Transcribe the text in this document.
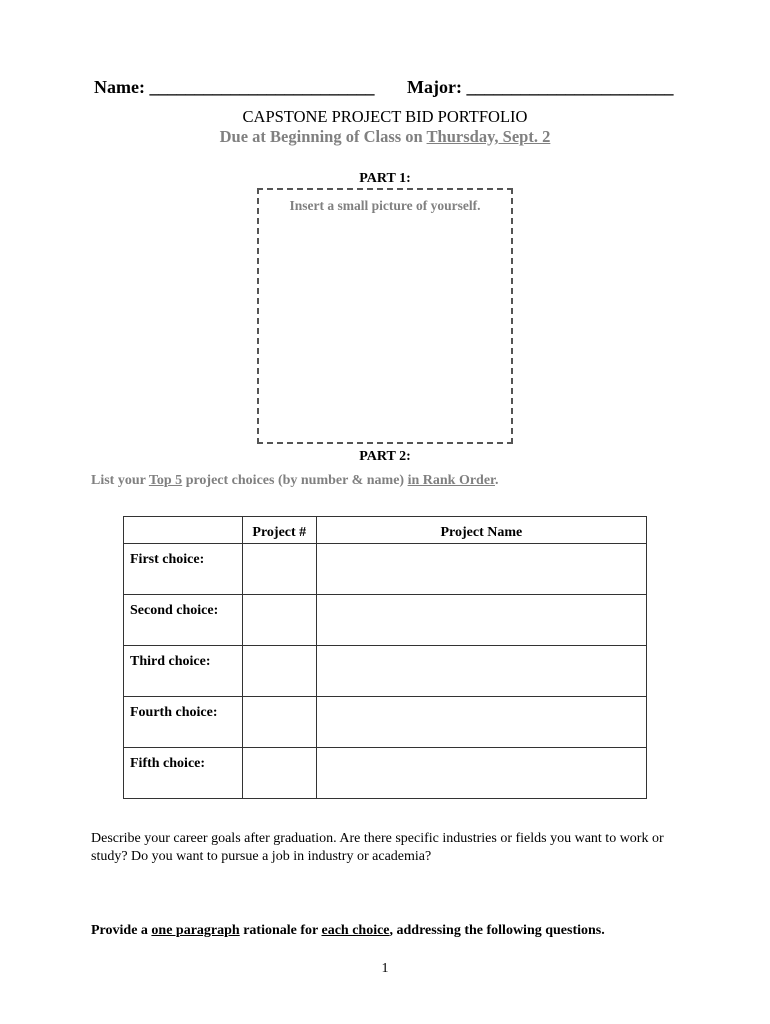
Name: _________________________ Major: _______________________
CAPSTONE PROJECT BID PORTFOLIO
Due at Beginning of Class on Thursday, Sept. 2
PART 1:
Insert a small picture of yourself.
PART 2:
List your Top 5 project choices (by number & name) in Rank Order.
	Project #	Project Name
First choice:		
Second choice:		
Third choice:		
Fourth choice:		
Fifth choice:		
Describe your career goals after graduation. Are there specific industries or fields you want to work or study? Do you want to pursue a job in industry or academia?
Provide a one paragraph rationale for each choice, addressing the following questions.
1
